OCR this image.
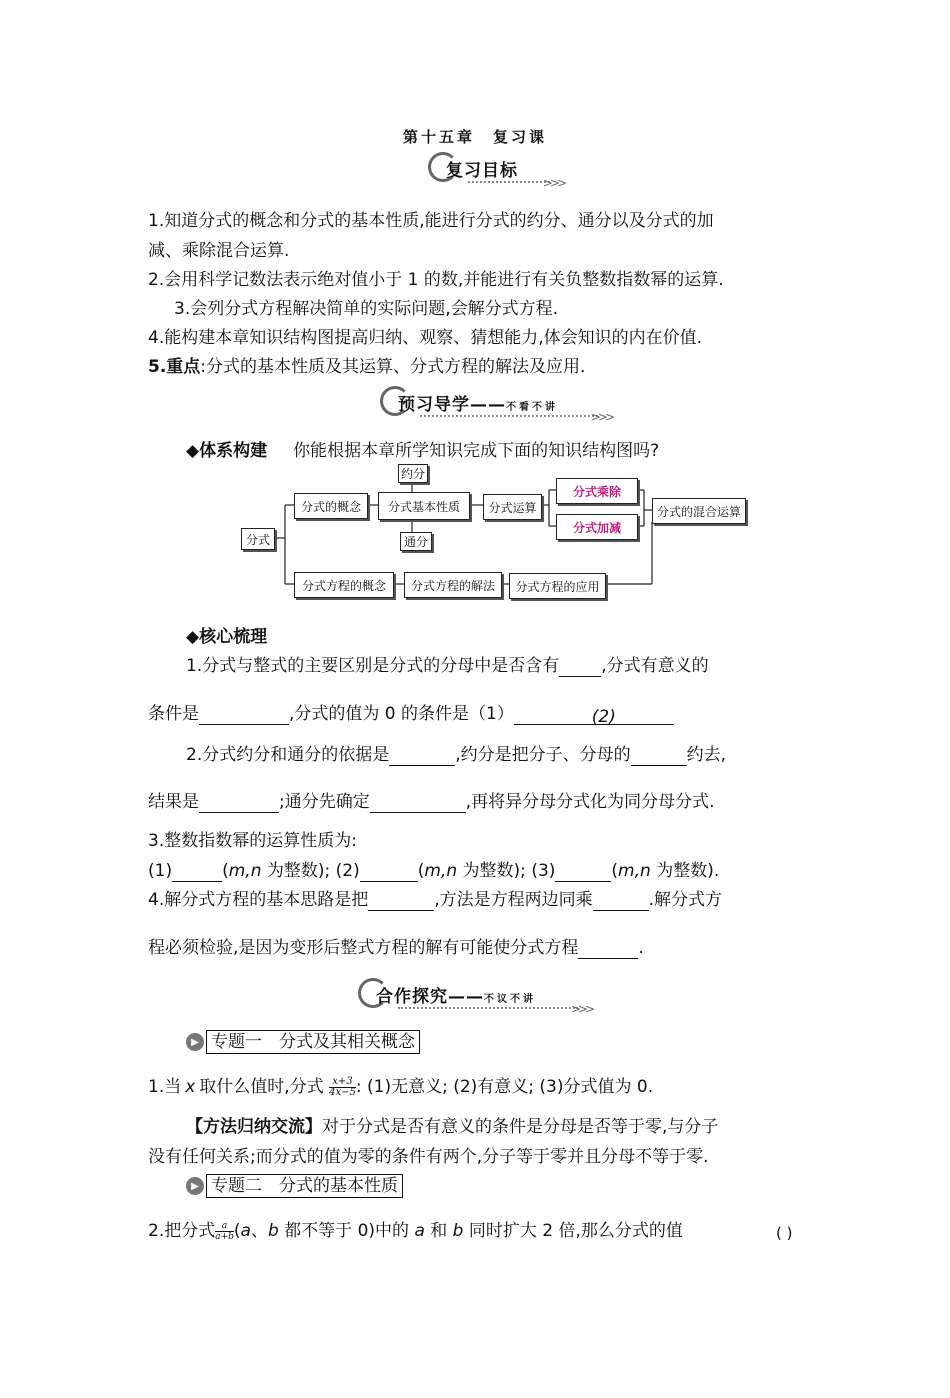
第十五章　复习课
复习目标
>>>
1.知道分式的概念和分式的基本性质,能进行分式的约分、通分以及分式的加
减、乘除混合运算.
2.会用科学记数法表示绝对值小于 1 的数,并能进行有关负整数指数幂的运算.
3.会列分式方程解决简单的实际问题,会解分式方程.
4.能构建本章知识结构图提高归纳、观察、猜想能力,体会知识的内在价值.
5.重点:分式的基本性质及其运算、分式方程的解法及应用.
预习导学——不看不讲
>>>
◆体系构建 你能根据本章所学知识完成下面的知识结构图吗?
分式
分式的概念	分式基本性质
约分
通分
分式运算
分式乘除
分式加减
分式的混合运算
分式方程的概念	分式方程的解法	分式方程的应用
◆核心梳理
1.分式与整式的主要区别是分式的分母中是否含有 ,分式有意义的
条件是	,分式的值为 0 的条件是（1）	(2)
2.分式约分和通分的依据是	,约分是把分子、分母的	约去,
结果是	;通分先确定	,再将异分母分式化为同分母分式.
3.整数指数幂的运算性质为:
(1)	(m,n 为整数); (2)	(m,n 为整数); (3)	(m,n 为整数).
4.解分式方程的基本思路是把	,方法是方程两边同乘	.解分式方
程必须检验,是因为变形后整式方程的解有可能使分式方程	.
合作探究——不议不讲
>>>
▶ 专题一　分式及其相关概念
1.当 x 取什么值时,分式 $\frac{x+3}{4x-5}$ : (1)无意义; (2)有意义; (3)分式值为 0.
【方法归纳交流】对于分式是否有意义的条件是分母是否等于零,与分子
没有任何关系;而分式的值为零的条件有两个,分子等于零并且分母不等于零.
▶ 专题二　分式的基本性质
2.把分式 $\frac{a}{a+b} (a$、b 都不等于 0)中的 a 和 b 同时扩大 2 倍,那么分式的值	( )
